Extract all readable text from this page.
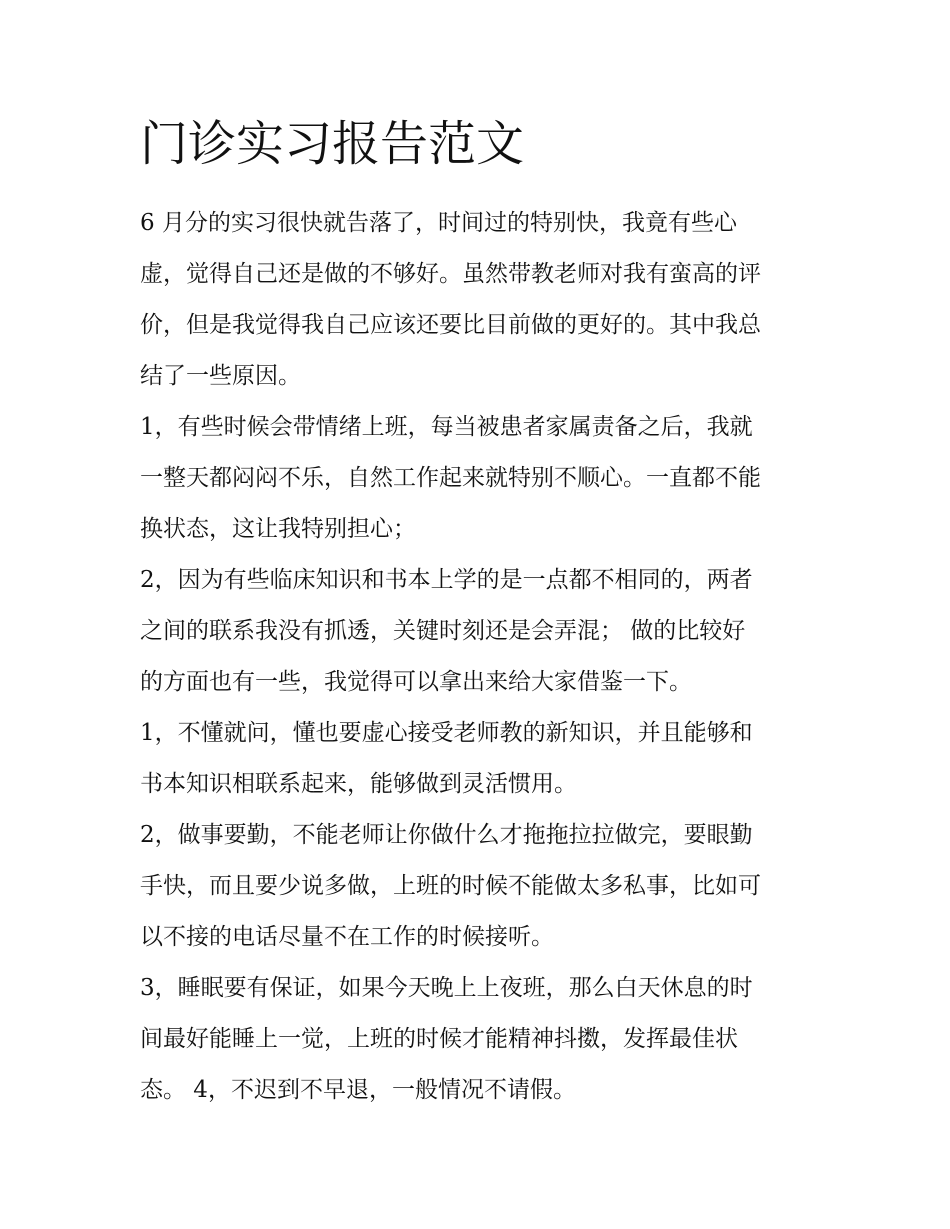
门诊实习报告范文
6 月分的实习很快就告落了，时间过的特别快，我竟有些心
虚，觉得自己还是做的不够好。虽然带教老师对我有蛮高的评
价，但是我觉得我自己应该还要比目前做的更好的。其中我总
结了一些原因。
1，有些时候会带情绪上班，每当被患者家属责备之后，我就
一整天都闷闷不乐，自然工作起来就特别不顺心。一直都不能
换状态，这让我特别担心；
2，因为有些临床知识和书本上学的是一点都不相同的，两者
之间的联系我没有抓透，关键时刻还是会弄混； 做的比较好
的方面也有一些，我觉得可以拿出来给大家借鉴一下。
1，不懂就问，懂也要虚心接受老师教的新知识，并且能够和
书本知识相联系起来，能够做到灵活惯用。
2，做事要勤，不能老师让你做什么才拖拖拉拉做完，要眼勤
手快，而且要少说多做，上班的时候不能做太多私事，比如可
以不接的电话尽量不在工作的时候接听。
3，睡眠要有保证，如果今天晚上上夜班，那么白天休息的时
间最好能睡上一觉，上班的时候才能精神抖擞，发挥最佳状
态。 4，不迟到不早退，一般情况不请假。
